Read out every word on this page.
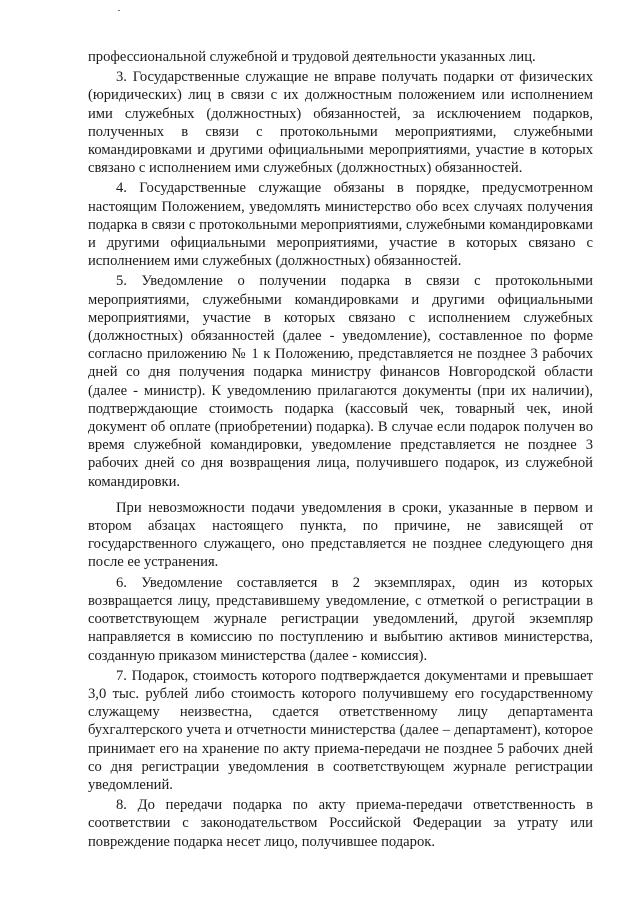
профессиональной служебной и трудовой деятельности указанных лиц.

3. Государственные служащие не вправе получать подарки от физических (юридических) лиц в связи с их должностным положением или исполнением ими служебных (должностных) обязанностей, за исключением подарков, полученных в связи с протокольными мероприятиями, служебными командировками и другими официальными мероприятиями, участие в которых связано с исполнением ими служебных (должностных) обязанностей.

4. Государственные служащие обязаны в порядке, предусмотренном настоящим Положением, уведомлять министерство обо всех случаях получения подарка в связи с протокольными мероприятиями, служебными командировками и другими официальными мероприятиями, участие в которых связано с исполнением ими служебных (должностных) обязанностей.

5. Уведомление о получении подарка в связи с протокольными мероприятиями, служебными командировками и другими официальными мероприятиями, участие в которых связано с исполнением служебных (должностных) обязанностей (далее - уведомление), составленное по форме согласно приложению № 1 к Положению, представляется не позднее 3 рабочих дней со дня получения подарка министру финансов Новгородской области (далее - министр). К уведомлению прилагаются документы (при их наличии), подтверждающие стоимость подарка (кассовый чек, товарный чек, иной документ об оплате (приобретении) подарка). В случае если подарок получен во время служебной командировки, уведомление представляется не позднее 3 рабочих дней со дня возвращения лица, получившего подарок, из служебной командировки.

При невозможности подачи уведомления в сроки, указанные в первом и втором абзацах настоящего пункта, по причине, не зависящей от государственного служащего, оно представляется не позднее следующего дня после ее устранения.

6. Уведомление составляется в 2 экземплярах, один из которых возвращается лицу, представившему уведомление, с отметкой о регистрации в соответствующем журнале регистрации уведомлений, другой экземпляр направляется в комиссию по поступлению и выбытию активов министерства, созданную приказом министерства (далее - комиссия).

7. Подарок, стоимость которого подтверждается документами и превышает 3,0 тыс. рублей либо стоимость которого получившему его государственному служащему неизвестна, сдается ответственному лицу департамента бухгалтерского учета и отчетности министерства (далее – департамент), которое принимает его на хранение по акту приема-передачи не позднее 5 рабочих дней со дня регистрации уведомления в соответствующем журнале регистрации уведомлений.

8. До передачи подарка по акту приема-передачи ответственность в соответствии с законодательством Российской Федерации за утрату или повреждение подарка несет лицо, получившее подарок.
